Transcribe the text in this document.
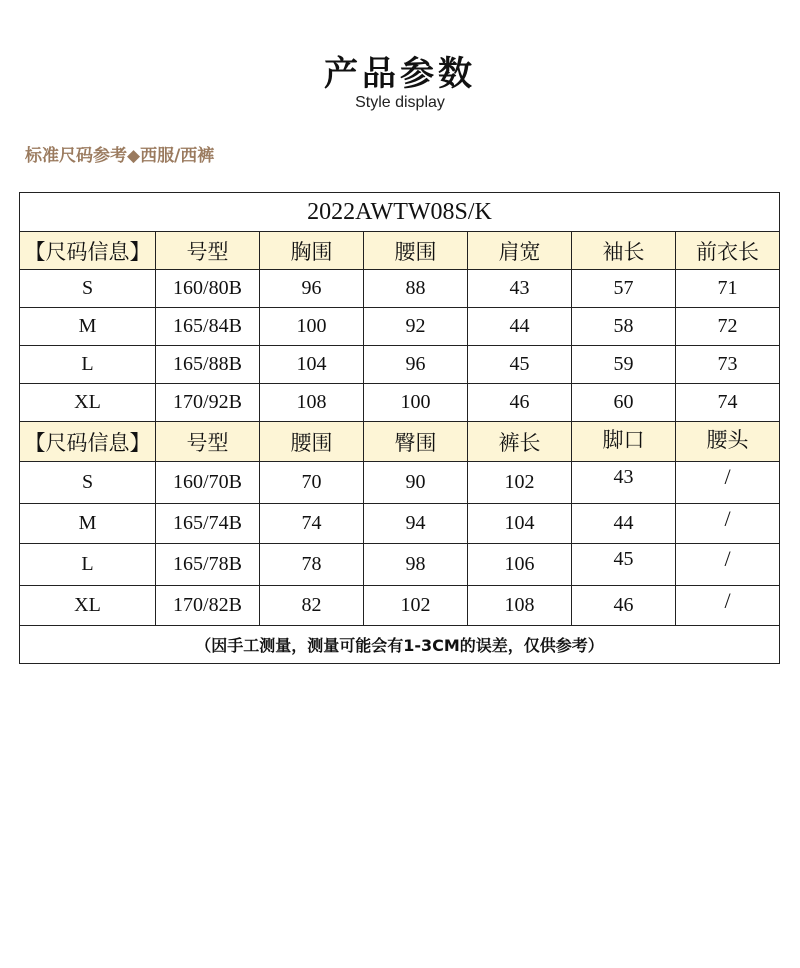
产品参数
Style display
标准尺码参考◆西服/西裤
2022AWTW08S/K						
【尺码信息】	号型	胸围	腰围	肩宽	袖长	前衣长
S	160/80B	96	88	43	57	71
M	165/84B	100	92	44	58	72
L	165/88B	104	96	45	59	73
XL	170/92B	108	100	46	60	74
【尺码信息】	号型	腰围	臀围	裤长	脚口	腰头
S	160/70B	70	90	102	43	/
M	165/74B	74	94	104	44	/
L	165/78B	78	98	106	45	/
XL	170/82B	82	102	108	46	/
（因手工测量，测量可能会有1-3CM的误差，仅供参考）						
